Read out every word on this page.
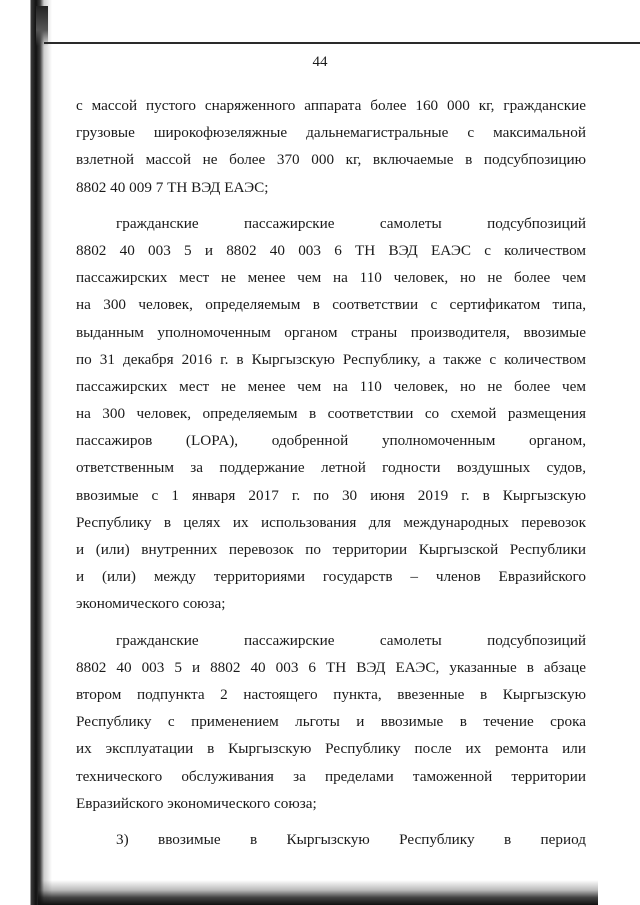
44
с массой пустого снаряженного аппарата более 160 000 кг, гражданские
грузовые широкофюзеляжные дальнемагистральные с максимальной
взлетной массой не более 370 000 кг, включаемые в подсубпозицию
8802 40 009 7 ТН ВЭД ЕАЭС;
гражданские пассажирские самолеты подсубпозиций
8802 40 003 5 и 8802 40 003 6 ТН ВЭД ЕАЭС с количеством
пассажирских мест не менее чем на 110 человек, но не более чем
на 300 человек, определяемым в соответствии с сертификатом типа,
выданным уполномоченным органом страны производителя, ввозимые
по 31 декабря 2016 г. в Кыргызскую Республику, а также с количеством
пассажирских мест не менее чем на 110 человек, но не более чем
на 300 человек, определяемым в соответствии со схемой размещения
пассажиров (LOPA), одобренной уполномоченным органом,
ответственным за поддержание летной годности воздушных судов,
ввозимые с 1 января 2017 г. по 30 июня 2019 г. в Кыргызскую
Республику в целях их использования для международных перевозок
и (или) внутренних перевозок по территории Кыргызской Республики
и (или) между территориями государств – членов Евразийского
экономического союза;
гражданские пассажирские самолеты подсубпозиций
8802 40 003 5 и 8802 40 003 6 ТН ВЭД ЕАЭС, указанные в абзаце
втором подпункта 2 настоящего пункта, ввезенные в Кыргызскую
Республику с применением льготы и ввозимые в течение срока
их эксплуатации в Кыргызскую Республику после их ремонта или
технического обслуживания за пределами таможенной территории
Евразийского экономического союза;
3) ввозимые в Кыргызскую Республику в период
